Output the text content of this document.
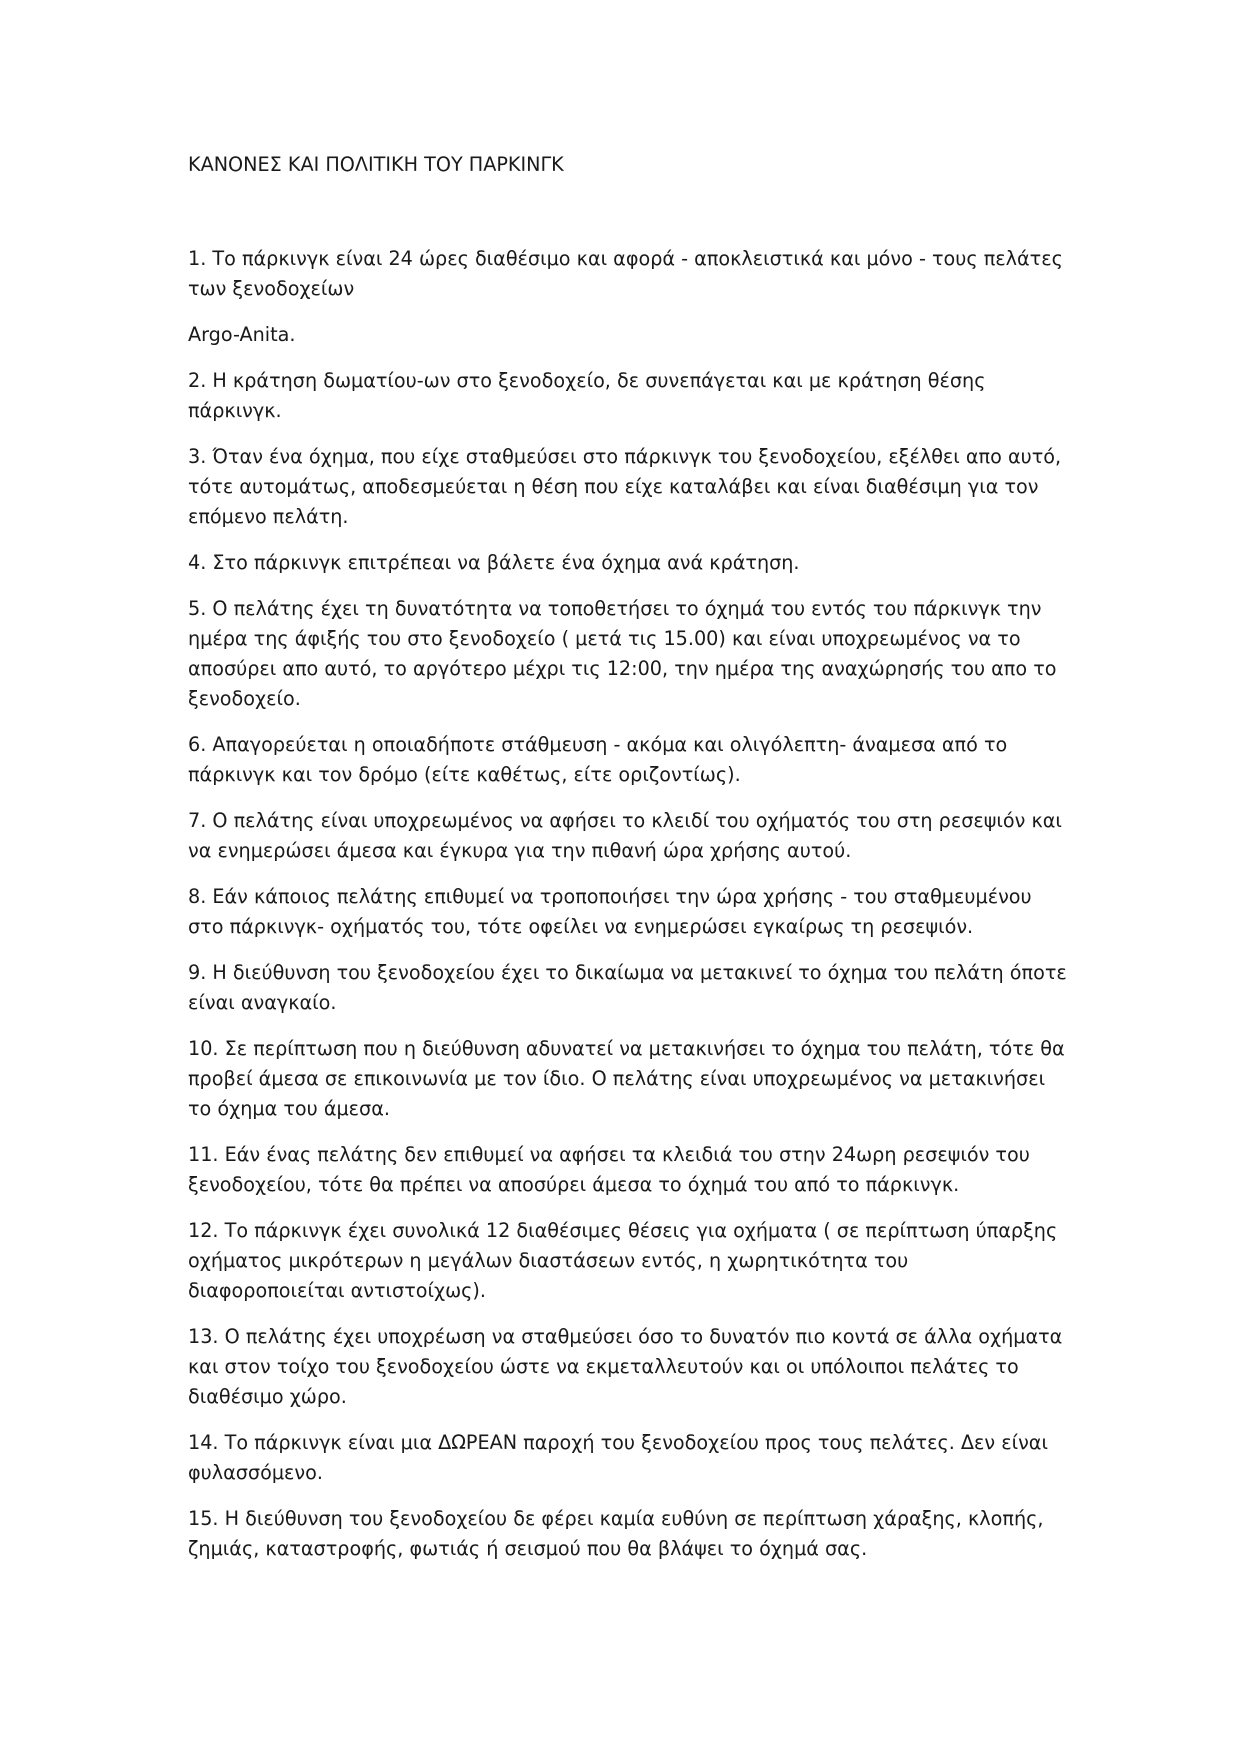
ΚΑΝΟΝΕΣ ΚΑΙ ΠΟΛΙΤΙΚΗ ΤΟΥ ΠΑΡΚΙΝΓΚ

1. Το πάρκινγκ είναι 24 ώρες διαθέσιμο και αφορά - αποκλειστικά και μόνο - τους πελάτες των ξενοδοχείων

Argo-Anita.

2. Η κράτηση δωματίου-ων στο ξενοδοχείο, δε συνεπάγεται και με κράτηση θέσης πάρκινγκ.

3. Όταν ένα όχημα, που είχε σταθμεύσει στο πάρκινγκ του ξενοδοχείου, εξέλθει απο αυτό, τότε αυτομάτως, αποδεσμεύεται η θέση που είχε καταλάβει και είναι διαθέσιμη για τον επόμενο πελάτη.

4. Στο πάρκινγκ επιτρέπεαι να βάλετε ένα όχημα ανά κράτηση.

5. Ο πελάτης έχει τη δυνατότητα να τοποθετήσει το όχημά του εντός του πάρκινγκ την ημέρα της άφιξής του στο ξενοδοχείο ( μετά τις 15.00) και είναι υποχρεωμένος να το αποσύρει απο αυτό, το αργότερο μέχρι τις 12:00, την ημέρα της αναχώρησής του απο το ξενοδοχείο.

6. Απαγορεύεται η οποιαδήποτε στάθμευση - ακόμα και ολιγόλεπτη- άναμεσα από το πάρκινγκ και τον δρόμο (είτε καθέτως, είτε οριζοντίως).

7. Ο πελάτης είναι υποχρεωμένος να αφήσει το κλειδί του οχήματός του στη ρεσεψιόν και να ενημερώσει άμεσα και έγκυρα για την πιθανή ώρα χρήσης αυτού.

8. Εάν κάποιος πελάτης επιθυμεί να τροποποιήσει την ώρα χρήσης - του σταθμευμένου στο πάρκινγκ- οχήματός του, τότε οφείλει να ενημερώσει εγκαίρως τη ρεσεψιόν.

9. Η διεύθυνση του ξενοδοχείου έχει το δικαίωμα να μετακινεί το όχημα του πελάτη όποτε είναι αναγκαίο.

10. Σε περίπτωση που η διεύθυνση αδυνατεί να μετακινήσει το όχημα του πελάτη, τότε θα προβεί άμεσα σε επικοινωνία με τον ίδιο. Ο πελάτης είναι υποχρεωμένος να μετακινήσει το όχημα του άμεσα.

11. Εάν ένας πελάτης δεν επιθυμεί να αφήσει τα κλειδιά του στην 24ωρη ρεσεψιόν του ξενοδοχείου, τότε θα πρέπει να αποσύρει άμεσα το όχημά του από το πάρκινγκ.

12. Το πάρκινγκ έχει συνολικά 12 διαθέσιμες θέσεις για οχήματα ( σε περίπτωση ύπαρξης οχήματος μικρότερων η μεγάλων διαστάσεων εντός, η χωρητικότητα του διαφοροποιείται αντιστοίχως).

13. Ο πελάτης έχει υποχρέωση να σταθμεύσει όσο το δυνατόν πιο κοντά σε άλλα οχήματα και στον τοίχο του ξενοδοχείου ώστε να εκμεταλλευτούν και οι υπόλοιποι πελάτες το διαθέσιμο χώρο.

14. Το πάρκινγκ είναι μια ΔΩΡΕΑΝ παροχή του ξενοδοχείου προς τους πελάτες. Δεν είναι φυλασσόμενο.

15. Η διεύθυνση του ξενοδοχείου δε φέρει καμία ευθύνη σε περίπτωση χάραξης, κλοπής, ζημιάς, καταστροφής, φωτιάς ή σεισμού που θα βλάψει το όχημά σας.
